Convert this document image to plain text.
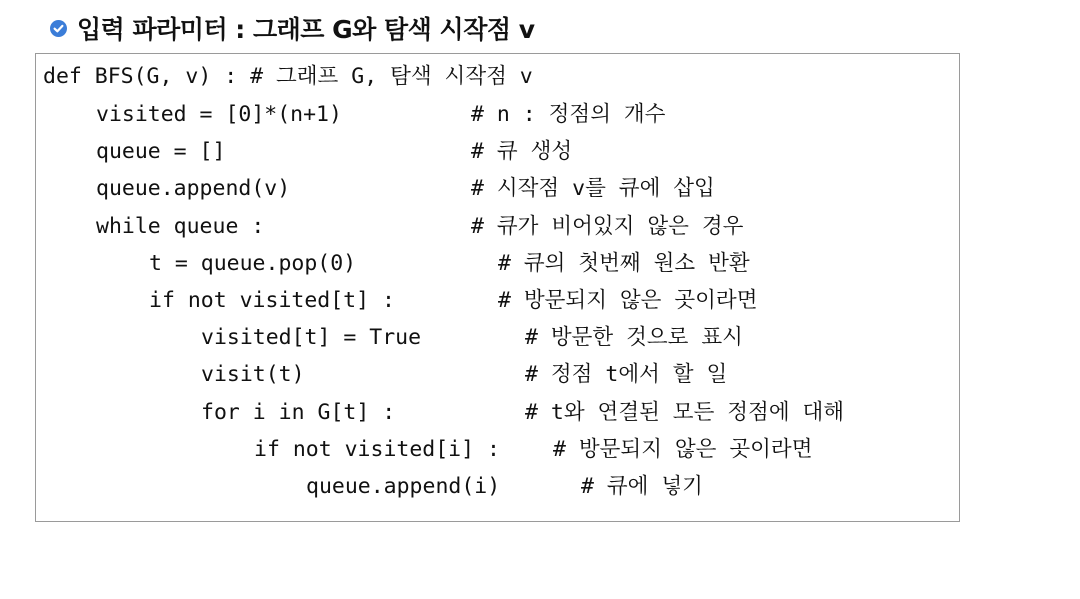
입력 파라미터 : 그래프 G와 탐색 시작점 v

def BFS(G, v) : # 그래프 G, 탐색 시작점 v

visited = [0]*(n+1)

	# n : 정점의 개수

queue = []

	# 큐 생성

queue.append(v)

	# 시작점 v를 큐에 삽입

while queue :

	# 큐가 비어있지 않은 경우

t = queue.pop(0)

	# 큐의 첫번째 원소 반환

if not visited[t] :

	# 방문되지 않은 곳이라면

visited[t] = True

	# 방문한 것으로 표시

visit(t)

	# 정점 t에서 할 일

for i in G[t] :

	# t와 연결된 모든 정점에 대해

if not visited[i] :

# 방문되지 않은 곳이라면

queue.append(i)

	# 큐에 넣기
